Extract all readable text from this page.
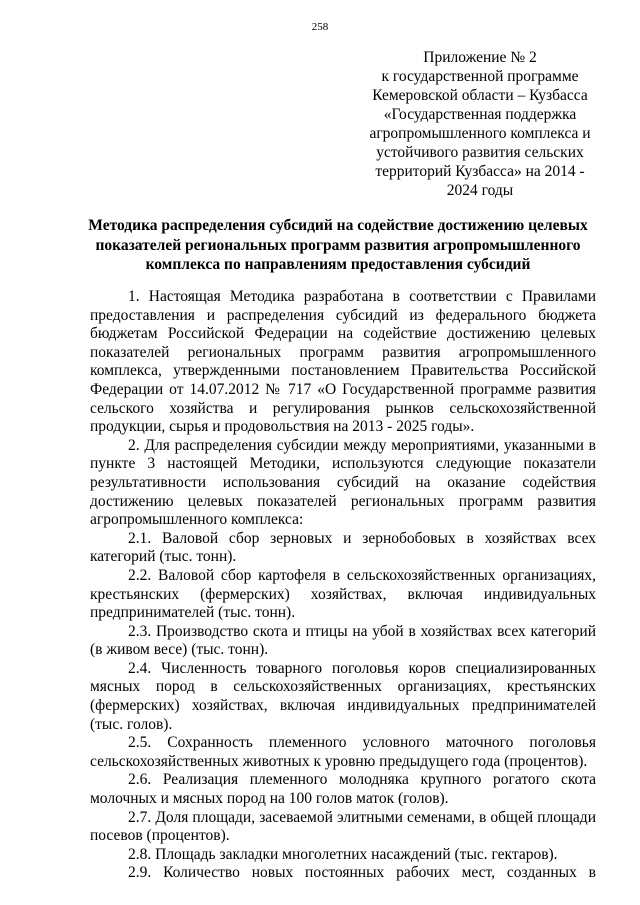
258
Приложение № 2
к государственной программе
Кемеровской области – Кузбасса
«Государственная поддержка
агропромышленного комплекса и
устойчивого развития сельских
территорий Кузбасса» на 2014 -
2024 годы
Методика распределения субсидий на содействие достижению целевых показателей региональных программ развития агропромышленного комплекса по направлениям предоставления субсидий

1. Настоящая Методика разработана в соответствии с Правилами предоставления и распределения субсидий из федерального бюджета бюджетам Российской Федерации на содействие достижению целевых показателей региональных программ развития агропромышленного комплекса, утвержденными постановлением Правительства Российской Федерации от 14.07.2012 № 717 «О Государственной программе развития сельского хозяйства и регулирования рынков сельскохозяйственной продукции, сырья и продовольствия на 2013 - 2025 годы».

2. Для распределения субсидии между мероприятиями, указанными в пункте 3 настоящей Методики, используются следующие показатели результативности использования субсидий на оказание содействия достижению целевых показателей региональных программ развития агропромышленного комплекса:

2.1. Валовой сбор зерновых и зернобобовых в хозяйствах всех категорий (тыс. тонн).

2.2. Валовой сбор картофеля в сельскохозяйственных организациях, крестьянских (фермерских) хозяйствах, включая индивидуальных предпринимателей (тыс. тонн).

2.3. Производство скота и птицы на убой в хозяйствах всех категорий (в живом весе) (тыс. тонн).

2.4. Численность товарного поголовья коров специализированных мясных пород в сельскохозяйственных организациях, крестьянских (фермерских) хозяйствах, включая индивидуальных предпринимателей (тыс. голов).

2.5. Сохранность племенного условного маточного поголовья сельскохозяйственных животных к уровню предыдущего года (процентов).

2.6. Реализация племенного молодняка крупного рогатого скота молочных и мясных пород на 100 голов маток (голов).

2.7. Доля площади, засеваемой элитными семенами, в общей площади посевов (процентов).

2.8. Площадь закладки многолетних насаждений (тыс. гектаров).

2.9. Количество новых постоянных рабочих мест, созданных в
